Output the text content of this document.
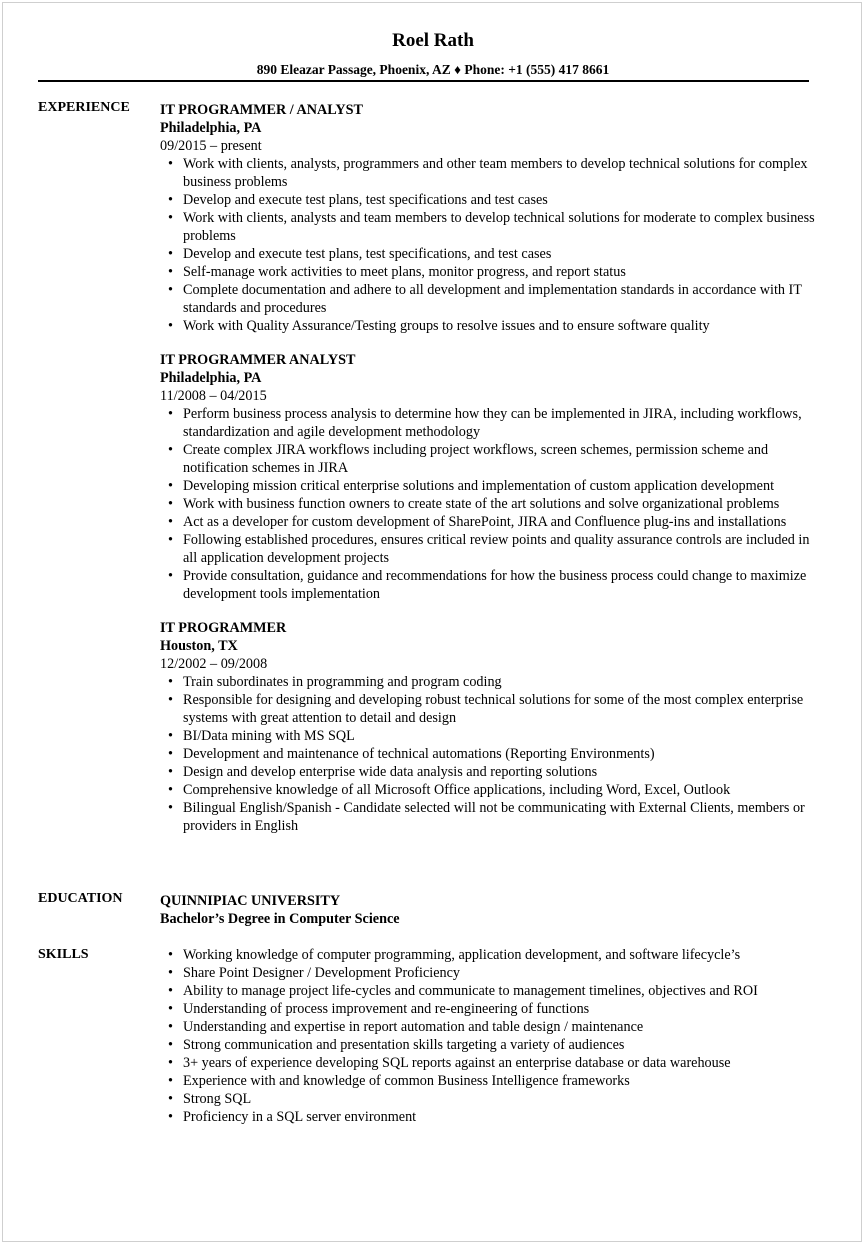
Roel Rath
890 Eleazar Passage, Phoenix, AZ ♦ Phone: +1 (555) 417 8661
EXPERIENCE IT PROGRAMMER / ANALYST
Philadelphia, PA
09/2015 – present
• Work with clients, analysts, programmers and other team members to develop technical solutions for complex business problems
• Develop and execute test plans, test specifications and test cases
• Work with clients, analysts and team members to develop technical solutions for moderate to complex business problems
• Develop and execute test plans, test specifications, and test cases
• Self-manage work activities to meet plans, monitor progress, and report status
• Complete documentation and adhere to all development and implementation standards in accordance with IT standards and procedures
• Work with Quality Assurance/Testing groups to resolve issues and to ensure software quality
IT PROGRAMMER ANALYST
Philadelphia, PA
11/2008 – 04/2015
• Perform business process analysis to determine how they can be implemented in JIRA, including workflows, standardization and agile development methodology
• Create complex JIRA workflows including project workflows, screen schemes, permission scheme and notification schemes in JIRA
• Developing mission critical enterprise solutions and implementation of custom application development
• Work with business function owners to create state of the art solutions and solve organizational problems
• Act as a developer for custom development of SharePoint, JIRA and Confluence plug-ins and installations
• Following established procedures, ensures critical review points and quality assurance controls are included in all application development projects
• Provide consultation, guidance and recommendations for how the business process could change to maximize development tools implementation
IT PROGRAMMER
Houston, TX
12/2002 – 09/2008
• Train subordinates in programming and program coding
• Responsible for designing and developing robust technical solutions for some of the most complex enterprise systems with great attention to detail and design
• BI/Data mining with MS SQL
• Development and maintenance of technical automations (Reporting Environments)
• Design and develop enterprise wide data analysis and reporting solutions
• Comprehensive knowledge of all Microsoft Office applications, including Word, Excel, Outlook
• Bilingual English/Spanish - Candidate selected will not be communicating with External Clients, members or providers in English
EDUCATION	QUINNIPIAC UNIVERSITY
Bachelor’s Degree in Computer Science
SKILLS
•	Working knowledge of computer programming, application development, and software lifecycle’s
• Share Point Designer / Development Proficiency
• Ability to manage project life-cycles and communicate to management timelines, objectives and ROI
• Understanding of process improvement and re-engineering of functions
• Understanding and expertise in report automation and table design / maintenance
• Strong communication and presentation skills targeting a variety of audiences
• 3+ years of experience developing SQL reports against an enterprise database or data warehouse
• Experience with and knowledge of common Business Intelligence frameworks
• Strong SQL
• Proficiency in a SQL server environment
